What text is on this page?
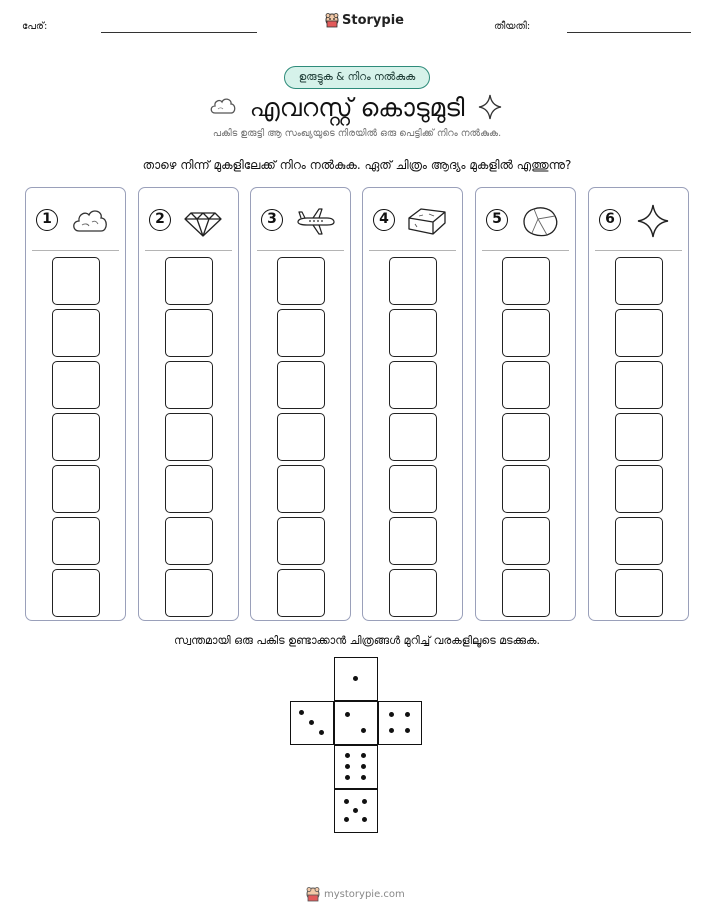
പേര്:	Storypie	തീയതി:
ഉരുട്ടുക & നിറം നൽകുക
എവറസ്റ്റ് കൊടുമുടി
പകിട ഉരുട്ടി ആ സംഖ്യയുടെ നിരയിൽ ഒരു പെട്ടിക്ക് നിറം നൽകുക.
താഴെ നിന്ന് മുകളിലേക്ക് നിറം നൽകുക. ഏത് ചിത്രം ആദ്യം മുകളിൽ എത്തുന്നു?
1	2	3	4	5	6
സ്വന്തമായി ഒരു പകിട ഉണ്ടാക്കാൻ ചിത്രങ്ങൾ മുറിച്ച് വരകളിലൂടെ മടക്കുക.
mystorypie.com
